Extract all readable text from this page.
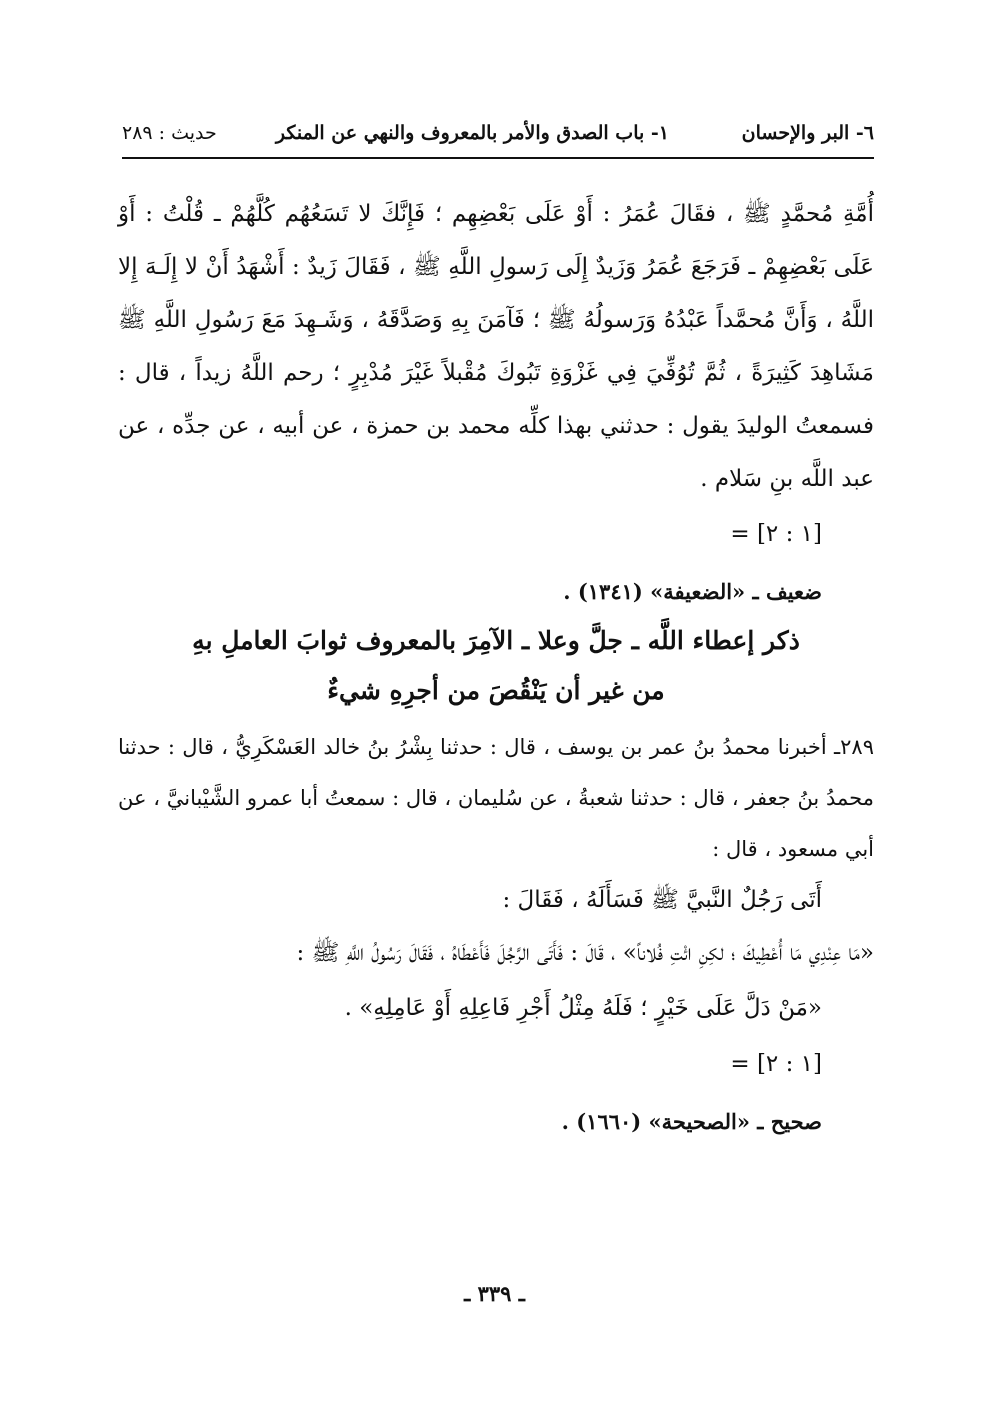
٦- البر والإحسان
١- باب الصدق والأمر بالمعروف والنهي عن المنكر
حديث : ٢٨٩

أُمَّةِ مُحمَّدٍ ﷺ ، فقَالَ عُمَرُ : أَوْ عَلَى بَعْضِهِم ؛ فَإِنَّكَ لا تَسَعُهُم كُلَّهُمْ ـ قُلْتُ : أَوْ عَلَى بَعْضِهِمْ ـ فَرَجَعَ عُمَرُ وَزَيدٌ إِلَى رَسولِ اللَّهِ ﷺ ، فَقَالَ زَيدٌ : أَشْهَدُ أَنْ لا إِلَـهَ إِلا اللَّهُ ، وَأَنَّ مُحمَّداً عَبْدُهُ وَرَسولُهُ ﷺ ؛ فَآمَنَ بِهِ وَصَدَّقَهُ ، وَشَـهِدَ مَعَ رَسُولِ اللَّهِ ﷺ مَشَاهِدَ كَثِيرَةً ، ثُمَّ تُوُفِّيَ فِي غَزْوَةِ تَبُوكَ مُقْبلاً غَيْرَ مُدْبِرٍ ؛ رحم اللَّهُ زيداً ، قال : فسمعتُ الوليدَ يقول : حدثني بهذا كلِّه محمد بن حمزة ، عن أبيه ، عن جدِّه ، عن عبد اللَّه بنِ سَلام .

[١ : ٢] =

ضعيف ـ «الضعيفة» (١٣٤١) .

ذكر إعطاء اللَّه ـ جلَّ وعلا ـ الآمِرَ بالمعروف ثوابَ العاملِ بهِ

من غير أن يَنْقُصَ من أجرِهِ شيءٌ

٢٨٩ـ أخبرنا محمدُ بنُ عمر بن يوسف ، قال : حدثنا بِشْرُ بنُ خالد العَسْكَرِيُّ ، قال : حدثنا محمدُ بنُ جعفر ، قال : حدثنا شعبةُ ، عن سُليمان ، قال : سمعتُ أبا عمرو الشَّيْبانيَّ ، عن أبي مسعود ، قال :

أَتَى رَجُلٌ النَّبيَّ ﷺ فَسَأَلَهُ ، فَقَالَ :

«مَا عِنْدِي مَا أُعْطِيكَ ؛ لكِنِ ائْتِ فُلاناً» ، قَالَ : فَأَتَى الرَّجُلَ فَأَعْطَاهُ ، فَقَالَ رَسُولُ اللَّهِ ﷺ :

«مَنْ دَلَّ عَلَى خَيْرٍ ؛ فَلَهُ مِثْلُ أَجْرِ فَاعِلِهِ أَوْ عَامِلِهِ» .

[١ : ٢] =

صحيح ـ «الصحيحة» (١٦٦٠) .

ـ ٣٣٩ ـ
